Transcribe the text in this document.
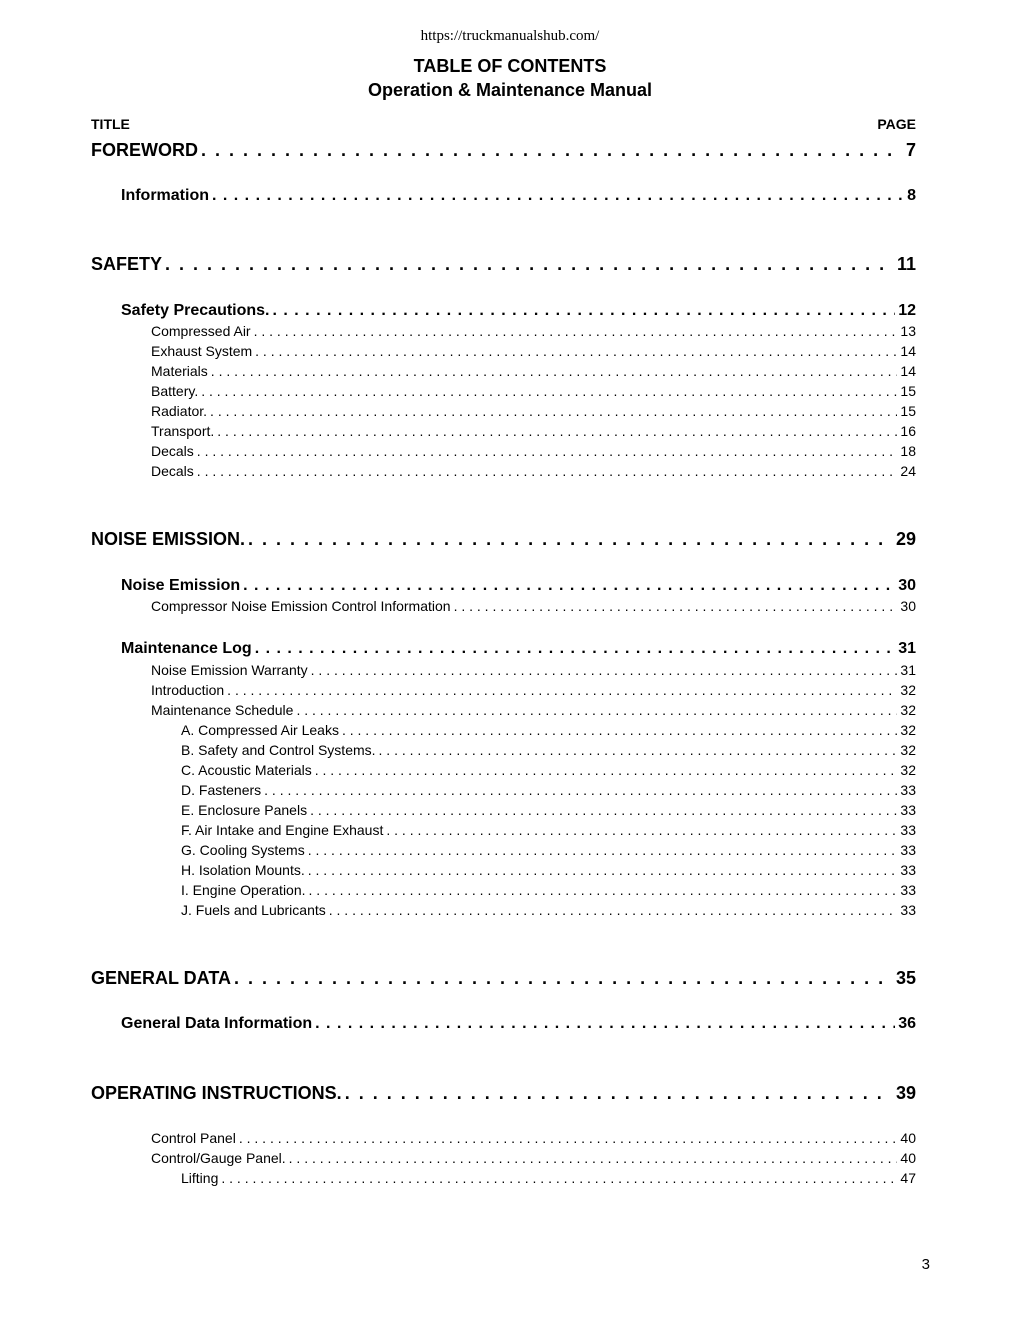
https://truckmanualshub.com/
TABLE OF CONTENTS
Operation & Maintenance Manual
TITLE	PAGE
FOREWORD . . .	7
Information . . .	8
SAFETY . . .	11
Safety Precautions. . . .	12
Compressed Air . . .	13
Exhaust System . . .	14
Materials . . .	14
Battery. . . .	15
Radiator. . . .	15
Transport. . . .	16
Decals . . .	18
Decals . . .	24
NOISE EMISSION. . . .	29
Noise Emission . . .	30
Compressor Noise Emission Control Information . . .	30
Maintenance Log . . .	31
Noise Emission Warranty . . .	31
Introduction . . .	32
Maintenance Schedule . . .	32
A. Compressed Air Leaks . . .	32
B. Safety and Control Systems. . . .	32
C. Acoustic Materials . . .	32
D. Fasteners . . .	33
E. Enclosure Panels . . .	33
F. Air Intake and Engine Exhaust . . .	33
G. Cooling Systems . . .	33
H. Isolation Mounts. . . .	33
I. Engine Operation. . . .	33
J. Fuels and Lubricants . . .	33
GENERAL DATA . . .	35
General Data Information . . .	36
OPERATING INSTRUCTIONS. . . .	39
Control Panel . . .	40
Control/Gauge Panel. . . .	40
Lifting . . .	47
3
